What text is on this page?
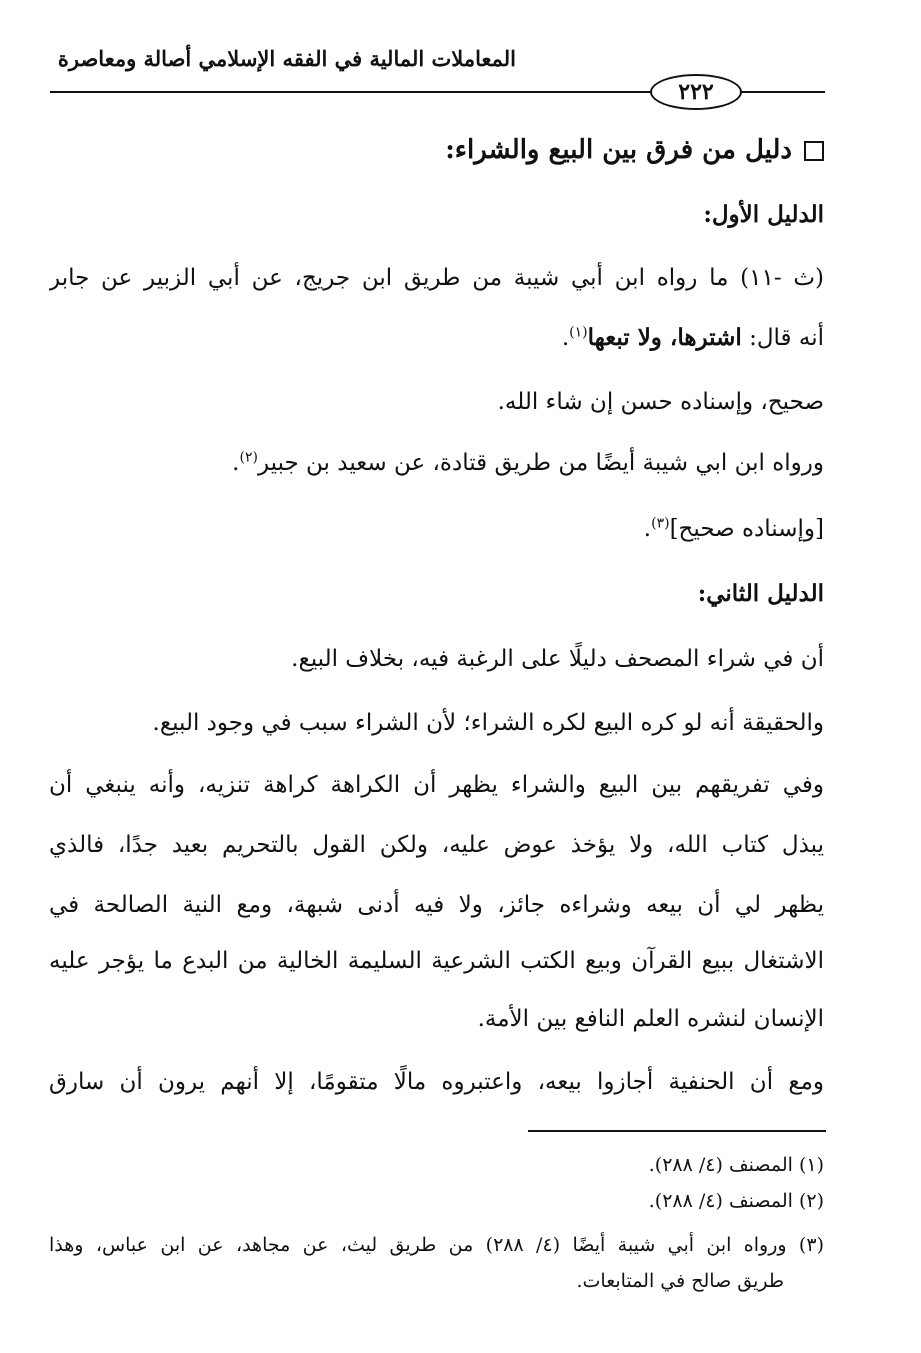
المعاملات المالية في الفقه الإسلامي أصالة ومعاصرة
٢٢٢
دليل من فرق بين البيع والشراء:
الدليل الأول:
(ث -١١) ما رواه ابن أبي شيبة من طريق ابن جريج، عن أبي الزبير عن جابر
أنه قال: اشترها، ولا تبعها$^{(١)}$.
صحيح، وإسناده حسن إن شاء الله.
ورواه ابن ابي شيبة أيضًا من طريق قتادة، عن سعيد بن جبير$^{(٢)}$.
[وإسناده صحيح]$^{(٣)}$.
الدليل الثاني:
أن في شراء المصحف دليلًا على الرغبة فيه، بخلاف البيع.
والحقيقة أنه لو كره البيع لكره الشراء؛ لأن الشراء سبب في وجود البيع.
وفي تفريقهم بين البيع والشراء يظهر أن الكراهة كراهة تنزيه، وأنه ينبغي أن
يبذل كتاب الله، ولا يؤخذ عوض عليه، ولكن القول بالتحريم بعيد جدًا، فالذي
يظهر لي أن بيعه وشراءه جائز، ولا فيه أدنى شبهة، ومع النية الصالحة في
الاشتغال ببيع القرآن وبيع الكتب الشرعية السليمة الخالية من البدع ما يؤجر عليه
الإنسان لنشره العلم النافع بين الأمة.
ومع أن الحنفية أجازوا بيعه، واعتبروه مالًا متقومًا، إلا أنهم يرون أن سارق
(١) المصنف (٤/ ٢٨٨).
(٢) المصنف (٤/ ٢٨٨).
(٣) ورواه ابن أبي شيبة أيضًا (٤/ ٢٨٨) من طريق ليث، عن مجاهد، عن ابن عباس، وهذا
طريق صالح في المتابعات.
